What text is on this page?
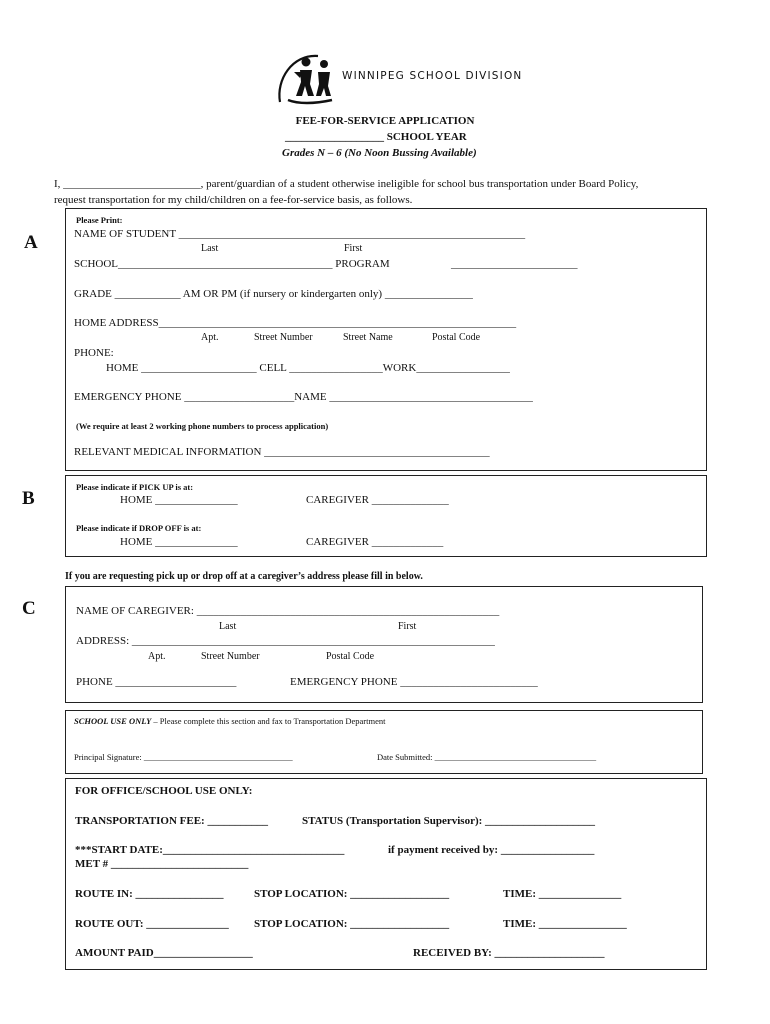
WINNIPEG SCHOOL DIVISION
FEE-FOR-SERVICE APPLICATION
__________________ SCHOOL YEAR
Grades N – 6 (No Noon Bussing Available)
I, _________________________, parent/guardian of a student otherwise ineligible for school bus transportation under Board Policy,
request transportation for my child/children on a fee-for-service basis, as follows.
A
Please Print:
NAME OF STUDENT _______________________________________________________________
Last	First
SCHOOL_______________________________________ PROGRAM	_______________________
GRADE ____________ AM OR PM (if nursery or kindergarten only) ________________
HOME ADDRESS_________________________________________________________________
Apt.	Street Number	Street Name	Postal Code
PHONE:
HOME _____________________ CELL _________________WORK_________________
EMERGENCY PHONE ____________________NAME _____________________________________
(We require at least 2 working phone numbers to process application)
RELEVANT MEDICAL INFORMATION _________________________________________
B
Please indicate if PICK UP is at:
HOME _______________	CAREGIVER ______________
Please indicate if DROP OFF is at:
HOME _______________	CAREGIVER _____________
If you are requesting pick up or drop off at a caregiver’s address please fill in below.
C	NAME OF CAREGIVER: _______________________________________________________
Last	First
ADDRESS: __________________________________________________________________
Apt.	Street Number	Postal Code
PHONE ______________________	EMERGENCY PHONE _________________________
SCHOOL USE ONLY – Please complete this section and fax to Transportation Department
Principal Signature: ___________________________________	Date Submitted: ______________________________________
FOR OFFICE/SCHOOL USE ONLY:
TRANSPORTATION FEE: ___________	STATUS (Transportation Supervisor): ____________________
***START DATE:_________________________________	if payment received by: _________________
MET # _________________________
ROUTE IN: ________________	STOP LOCATION: __________________	TIME: _______________
ROUTE OUT: _______________ STOP LOCATION: __________________	TIME: ________________
AMOUNT PAID__________________	RECEIVED BY: ____________________
